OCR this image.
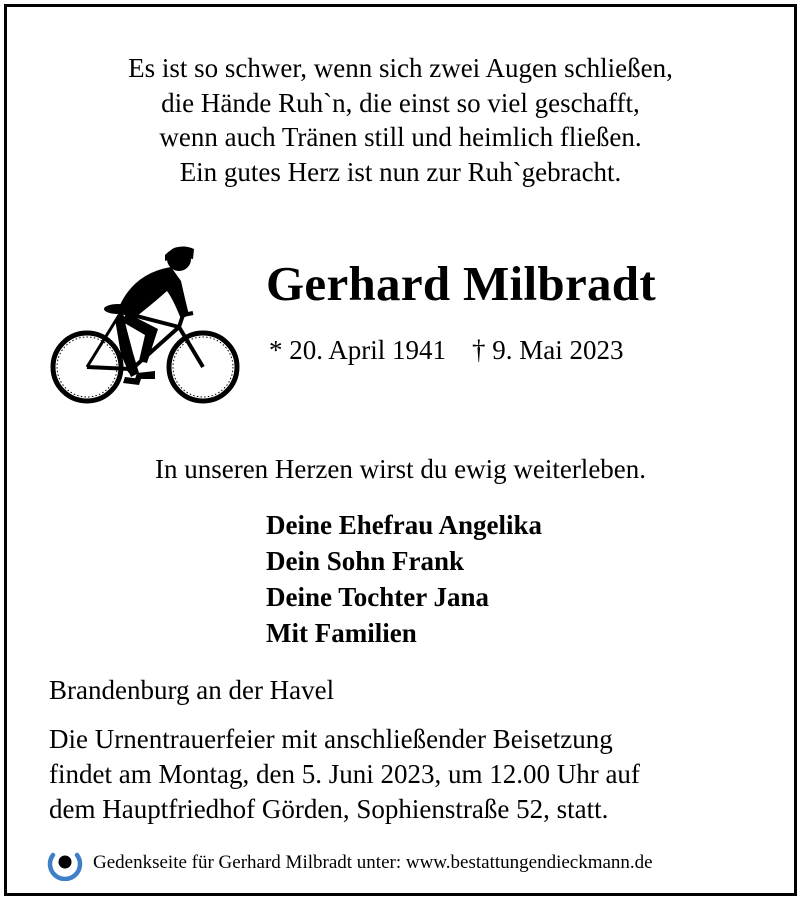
Es ist so schwer, wenn sich zwei Augen schließen,
die Hände Ruh`n, die einst so viel geschafft,
wenn auch Tränen still und heimlich fließen.
Ein gutes Herz ist nun zur Ruh`gebracht.
Gerhard Milbradt
* 20. April 1941 † 9. Mai 2023
In unseren Herzen wirst du ewig weiterleben.
Deine Ehefrau Angelika
Dein Sohn Frank
Deine Tochter Jana
Mit Familien
Brandenburg an der Havel
Die Urnentrauerfeier mit anschließender Beisetzung
findet am Montag, den 5. Juni 2023, um 12.00 Uhr auf
dem Hauptfriedhof Görden, Sophienstraße 52, statt.
Gedenkseite für Gerhard Milbradt unter: www.bestattungendieckmann.de
